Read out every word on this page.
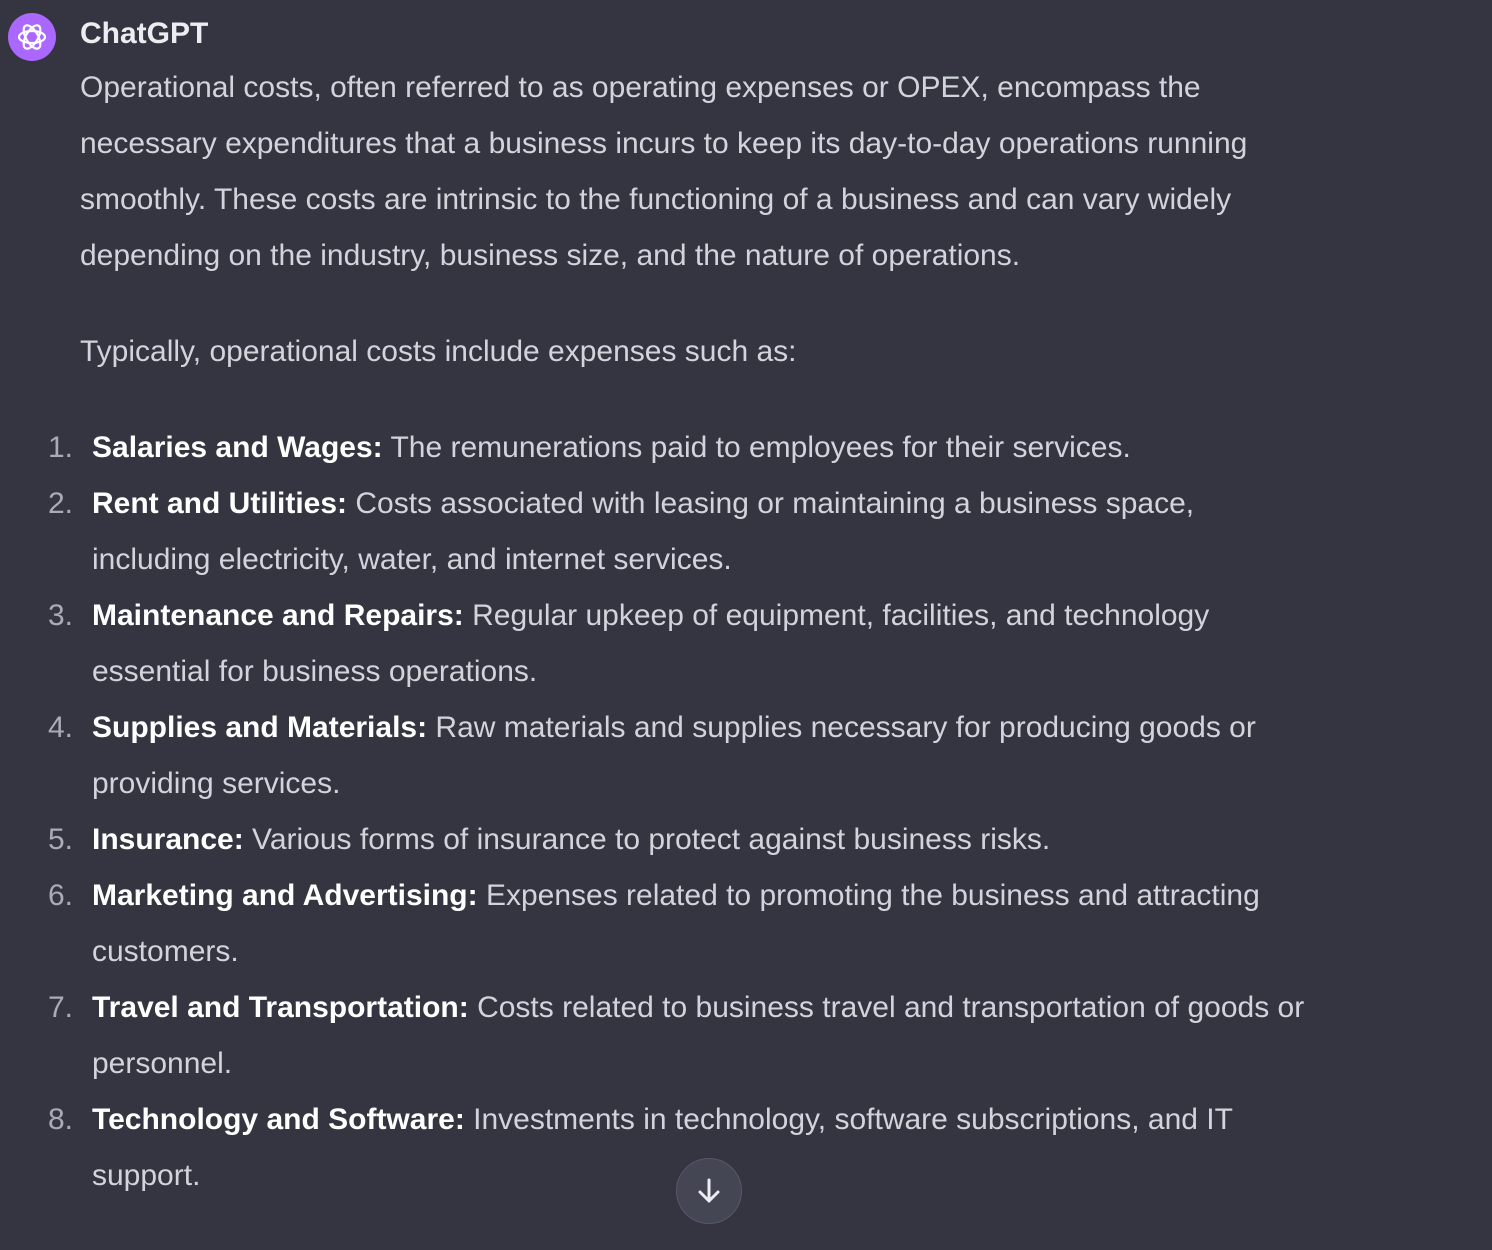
ChatGPT

Operational costs, often referred to as operating expenses or OPEX, encompass the necessary expenditures that a business incurs to keep its day-to-day operations running smoothly. These costs are intrinsic to the functioning of a business and can vary widely depending on the industry, business size, and the nature of operations.

Typically, operational costs include expenses such as:

1. Salaries and Wages: The remunerations paid to employees for their services.
2. Rent and Utilities: Costs associated with leasing or maintaining a business space, including electricity, water, and internet services.
3. Maintenance and Repairs: Regular upkeep of equipment, facilities, and technology essential for business operations.
4. Supplies and Materials: Raw materials and supplies necessary for producing goods or providing services.
5. Insurance: Various forms of insurance to protect against business risks.
6. Marketing and Advertising: Expenses related to promoting the business and attracting customers.
7. Travel and Transportation: Costs related to business travel and transportation of goods or personnel.
8. Technology and Software: Investments in technology, software subscriptions, and IT support.
